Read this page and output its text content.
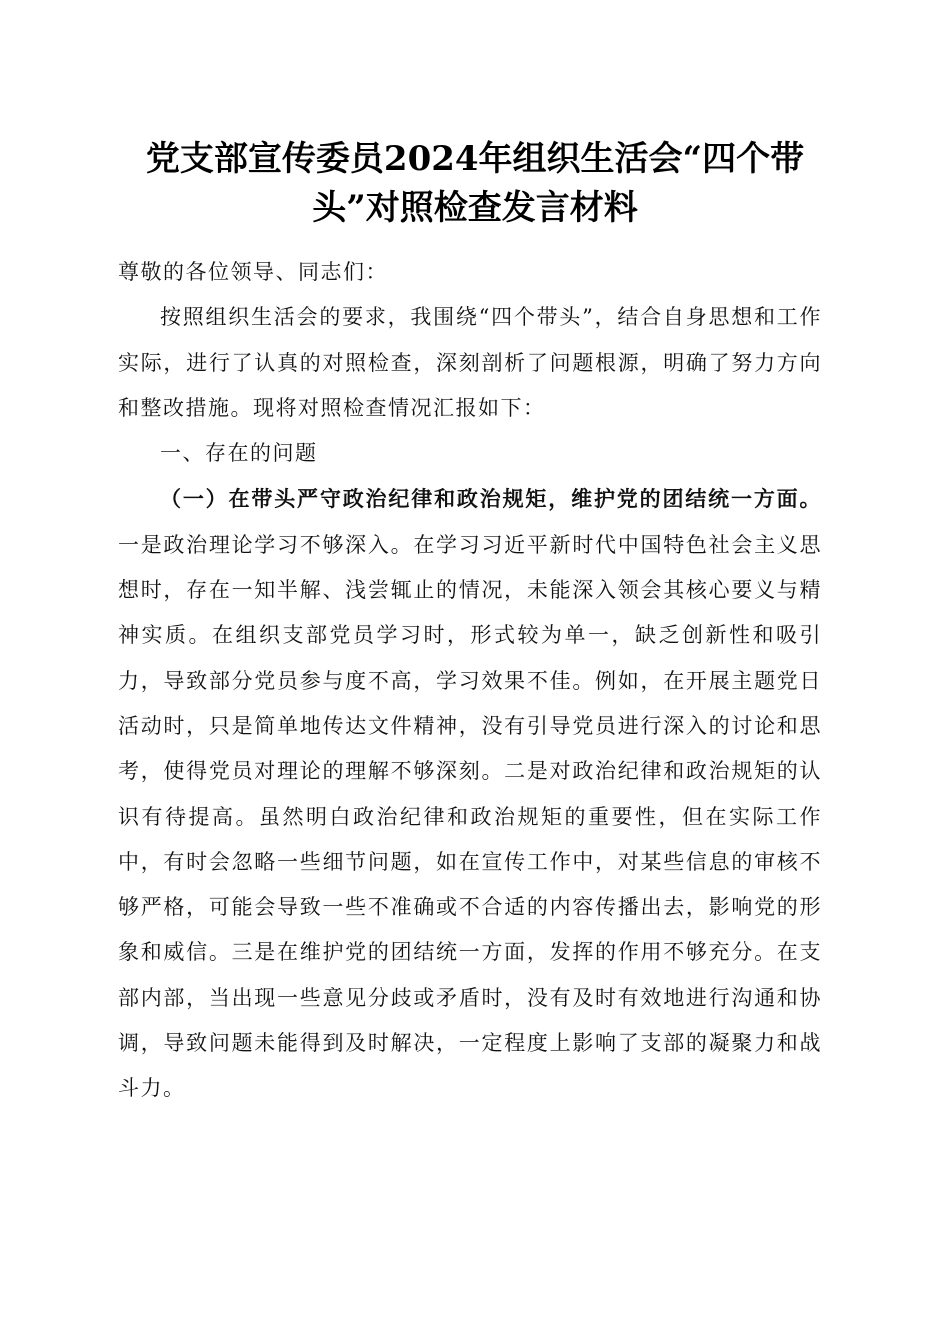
党支部宣传委员2024年组织生活会“四个带头”对照检查发言材料

尊敬的各位领导、同志们：

按照组织生活会的要求，我围绕“四个带头”，结合自身思想和工作实际，进行了认真的对照检查，深刻剖析了问题根源，明确了努力方向和整改措施。现将对照检查情况汇报如下：

一、存在的问题

（一）在带头严守政治纪律和政治规矩，维护党的团结统一方面。一是政治理论学习不够深入。在学习习近平新时代中国特色社会主义思想时，存在一知半解、浅尝辄止的情况，未能深入领会其核心要义与精神实质。在组织支部党员学习时，形式较为单一，缺乏创新性和吸引力，导致部分党员参与度不高，学习效果不佳。例如，在开展主题党日活动时，只是简单地传达文件精神，没有引导党员进行深入的讨论和思考，使得党员对理论的理解不够深刻。二是对政治纪律和政治规矩的认识有待提高。虽然明白政治纪律和政治规矩的重要性，但在实际工作中，有时会忽略一些细节问题，如在宣传工作中，对某些信息的审核不够严格，可能会导致一些不准确或不合适的内容传播出去，影响党的形象和威信。三是在维护党的团结统一方面，发挥的作用不够充分。在支部内部，当出现一些意见分歧或矛盾时，没有及时有效地进行沟通和协调，导致问题未能得到及时解决，一定程度上影响了支部的凝聚力和战斗力。
